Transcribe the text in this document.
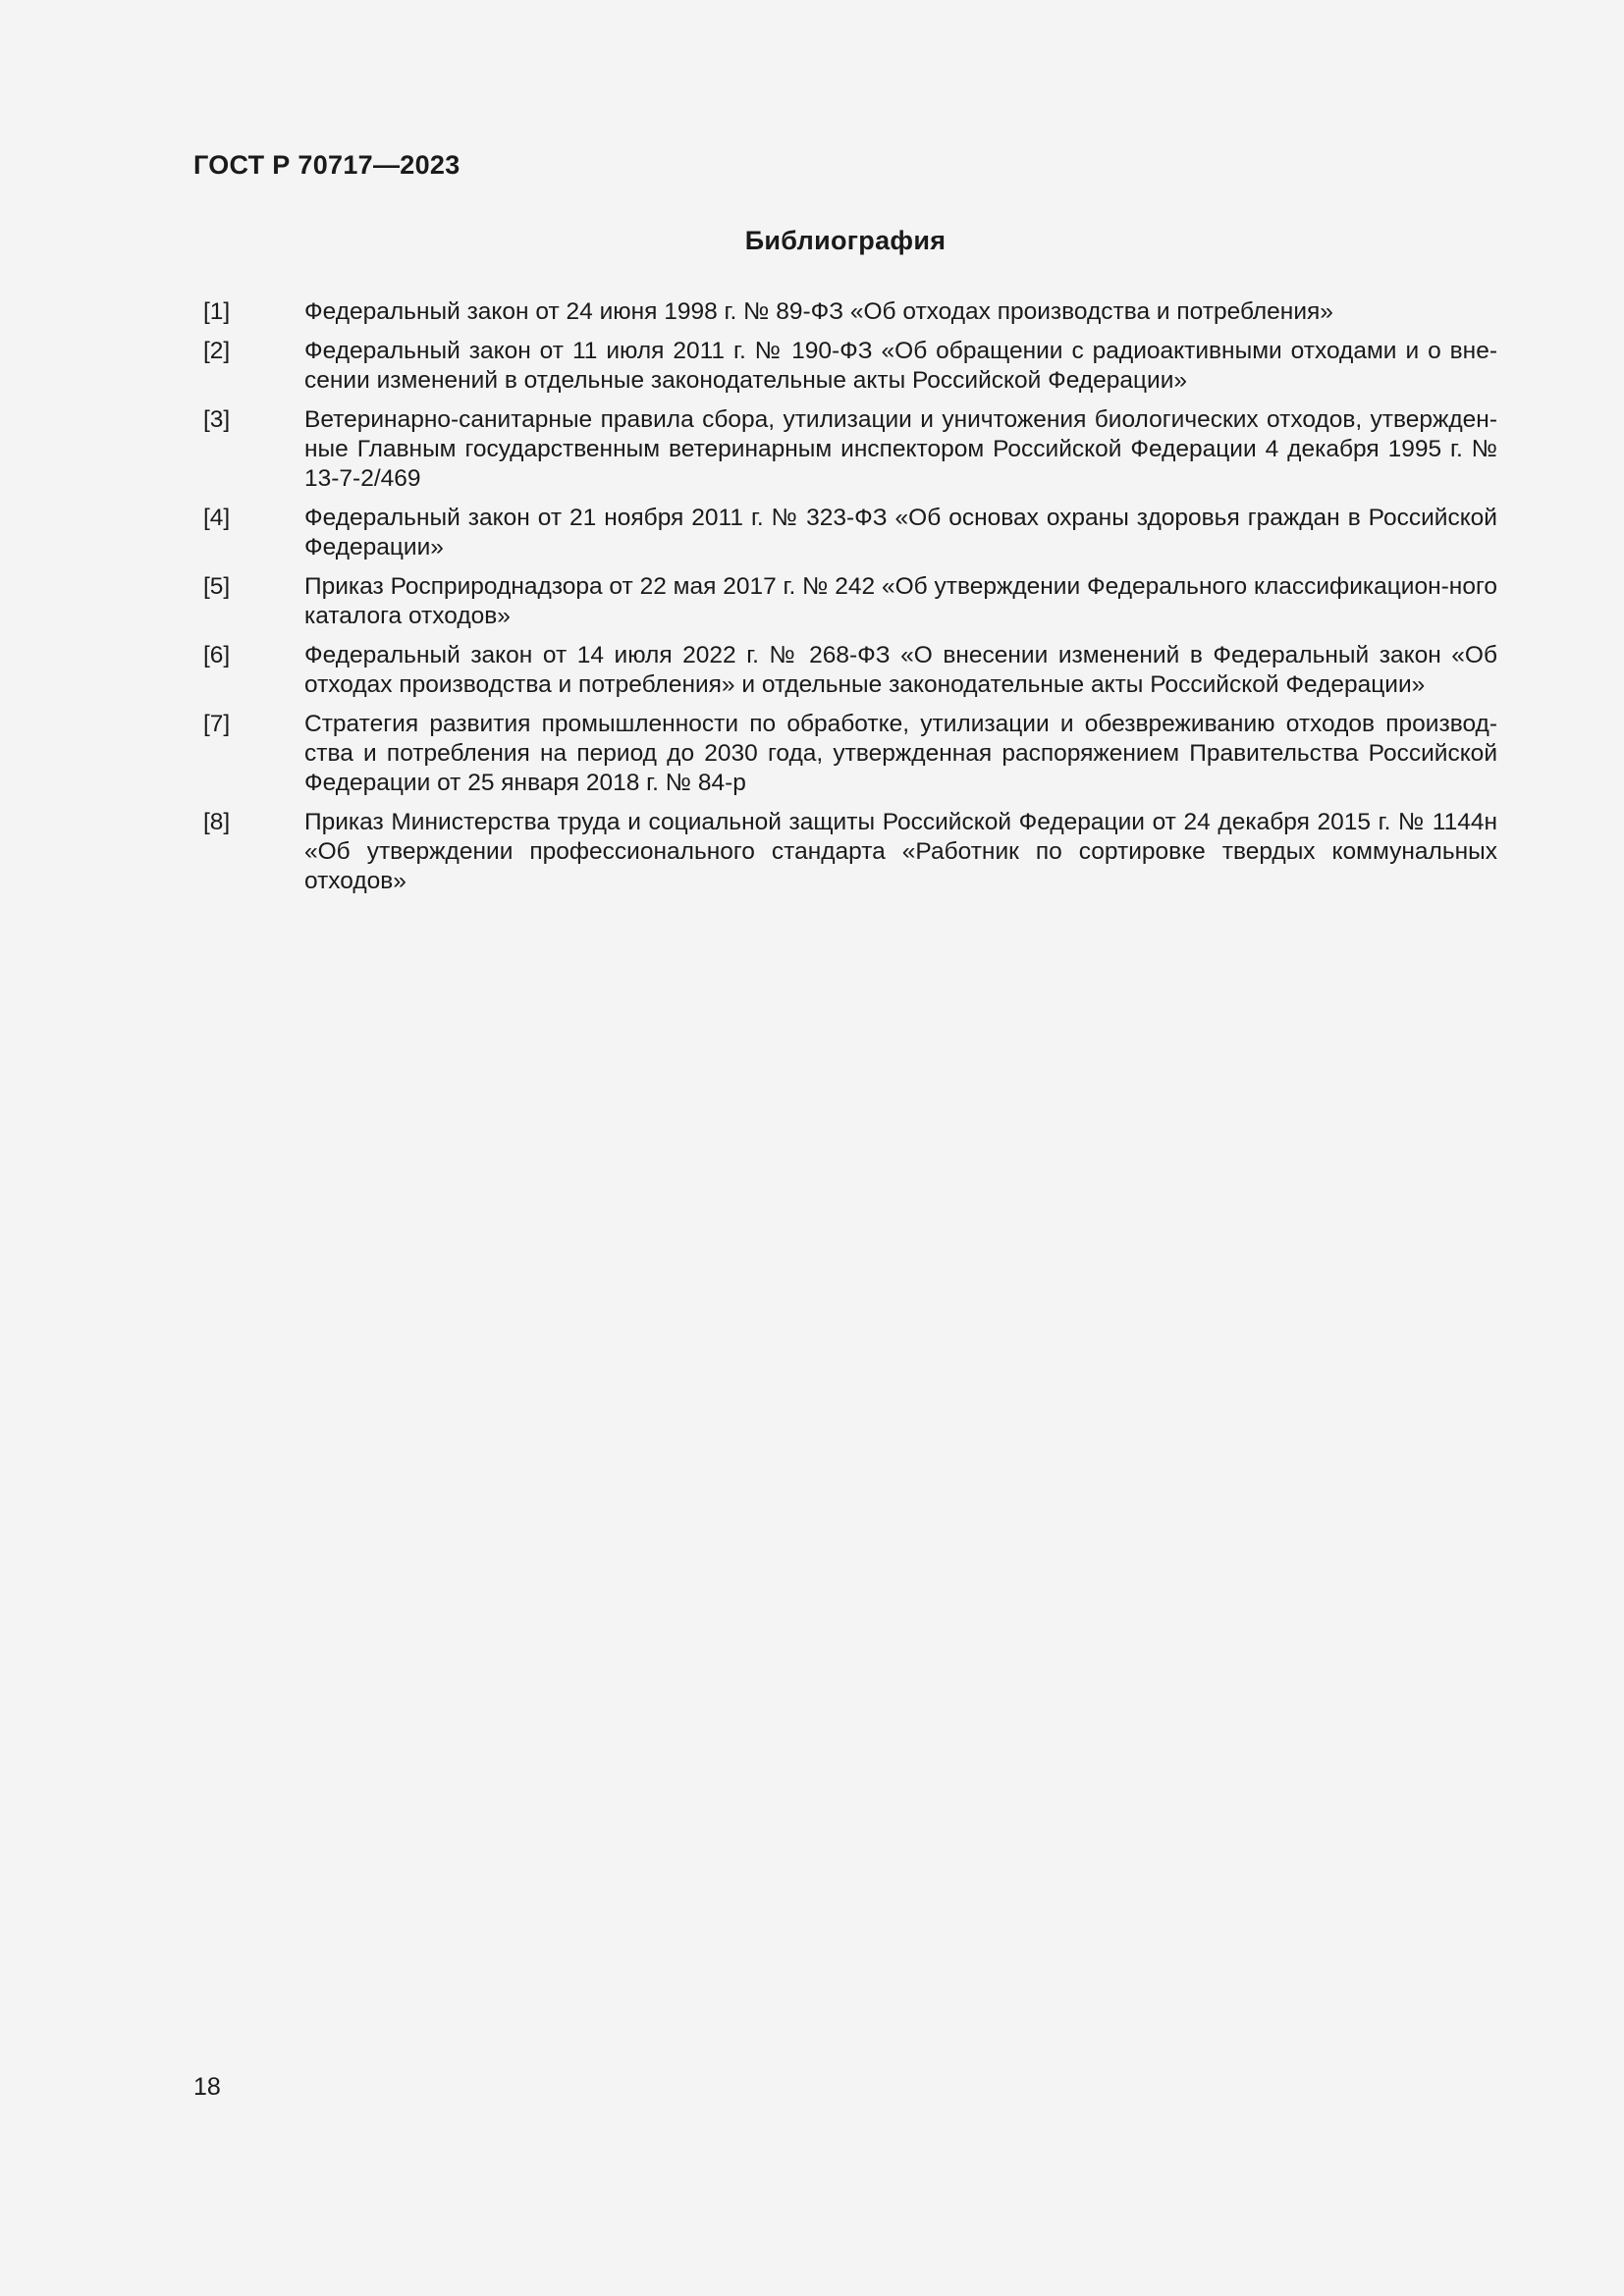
ГОСТ Р 70717—2023
Библиография
[1]	Федеральный закон от 24 июня 1998 г. № 89-ФЗ «Об отходах производства и потребления»
[2]	Федеральный закон от 11 июля 2011 г. № 190-ФЗ «Об обращении с радиоактивными отходами и о вне-сении изменений в отдельные законодательные акты Российской Федерации»
[3]	Ветеринарно-санитарные правила сбора, утилизации и уничтожения биологических отходов, утвержден-ные Главным государственным ветеринарным инспектором Российской Федерации 4 декабря 1995 г. № 13-7-2/469
[4]	Федеральный закон от 21 ноября 2011 г. № 323-ФЗ «Об основах охраны здоровья граждан в Российской Федерации»
[5]	Приказ Росприроднадзора от 22 мая 2017 г. № 242 «Об утверждении Федерального классификацион-ного каталога отходов»
[6]	Федеральный закон от 14 июля 2022 г. № 268-ФЗ «О внесении изменений в Федеральный закон «Об отходах производства и потребления» и отдельные законодательные акты Российской Федерации»
[7]	Стратегия развития промышленности по обработке, утилизации и обезвреживанию отходов производ-ства и потребления на период до 2030 года, утвержденная распоряжением Правительства Российской Федерации от 25 января 2018 г. № 84-р
[8]	Приказ Министерства труда и социальной защиты Российской Федерации от 24 декабря 2015 г. № 1144н «Об утверждении профессионального стандарта «Работник по сортировке твердых коммунальных отходов»
18
